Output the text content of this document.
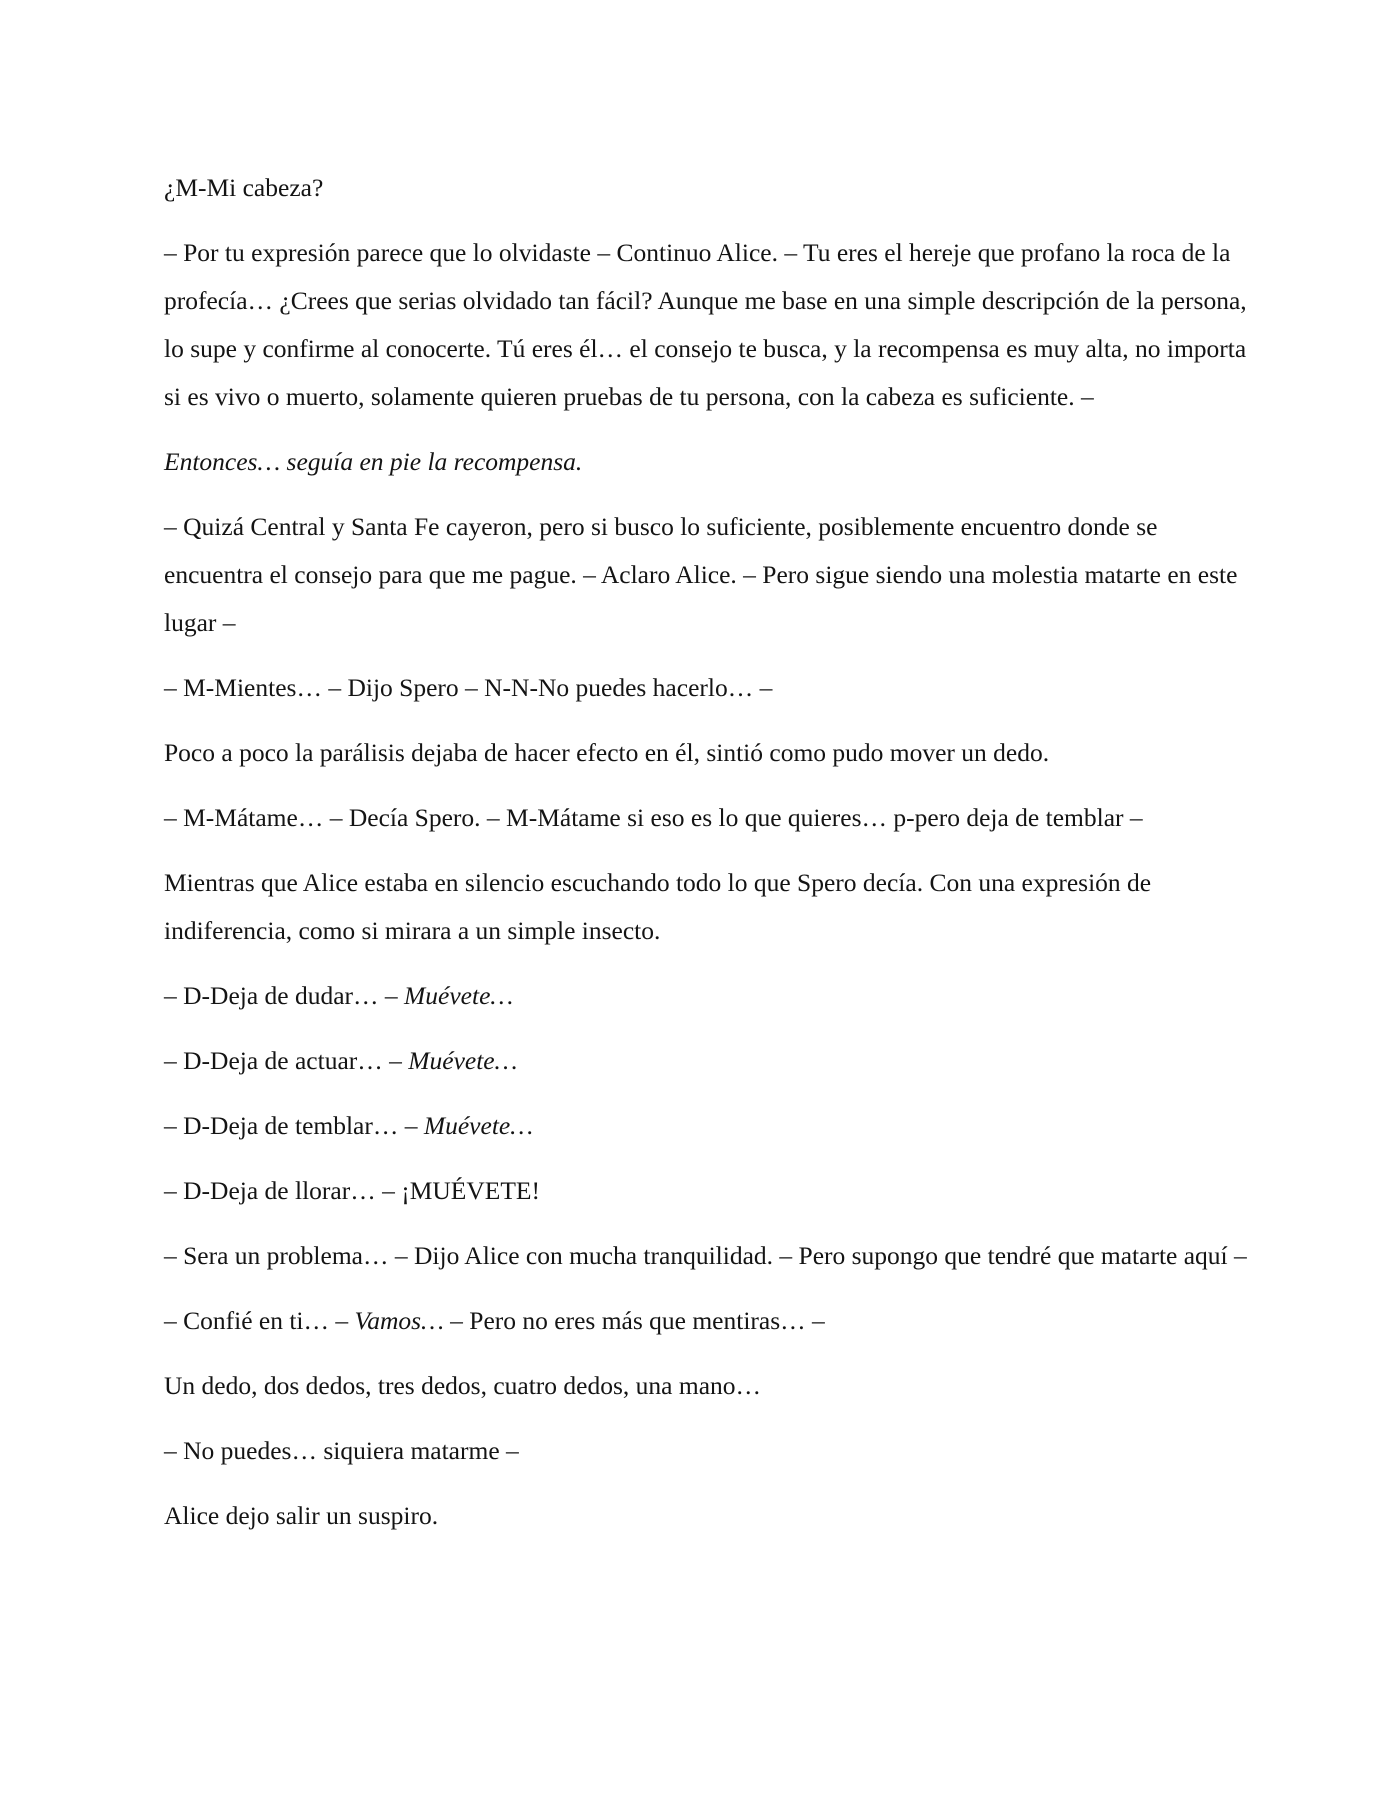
¿M-Mi cabeza?

– Por tu expresión parece que lo olvidaste – Continuo Alice. – Tu eres el hereje que profano la roca de la profecía… ¿Crees que serias olvidado tan fácil? Aunque me base en una simple descripción de la persona, lo supe y confirme al conocerte. Tú eres él… el consejo te busca, y la recompensa es muy alta, no importa si es vivo o muerto, solamente quieren pruebas de tu persona, con la cabeza es suficiente. –

Entonces… seguía en pie la recompensa.

– Quizá Central y Santa Fe cayeron, pero si busco lo suficiente, posiblemente encuentro donde se encuentra el consejo para que me pague. – Aclaro Alice. – Pero sigue siendo una molestia matarte en este lugar –

– M-Mientes… – Dijo Spero – N-N-No puedes hacerlo… –

Poco a poco la parálisis dejaba de hacer efecto en él, sintió como pudo mover un dedo.

– M-Mátame… – Decía Spero. – M-Mátame si eso es lo que quieres… p-pero deja de temblar –

Mientras que Alice estaba en silencio escuchando todo lo que Spero decía. Con una expresión de indiferencia, como si mirara a un simple insecto.

– D-Deja de dudar… – Muévete…

– D-Deja de actuar… – Muévete…

– D-Deja de temblar… – Muévete…

– D-Deja de llorar… – ¡MUÉVETE!

– Sera un problema… – Dijo Alice con mucha tranquilidad. – Pero supongo que tendré que matarte aquí –

– Confié en ti… – Vamos… – Pero no eres más que mentiras… –

Un dedo, dos dedos, tres dedos, cuatro dedos, una mano…

– No puedes… siquiera matarme –

Alice dejo salir un suspiro.
